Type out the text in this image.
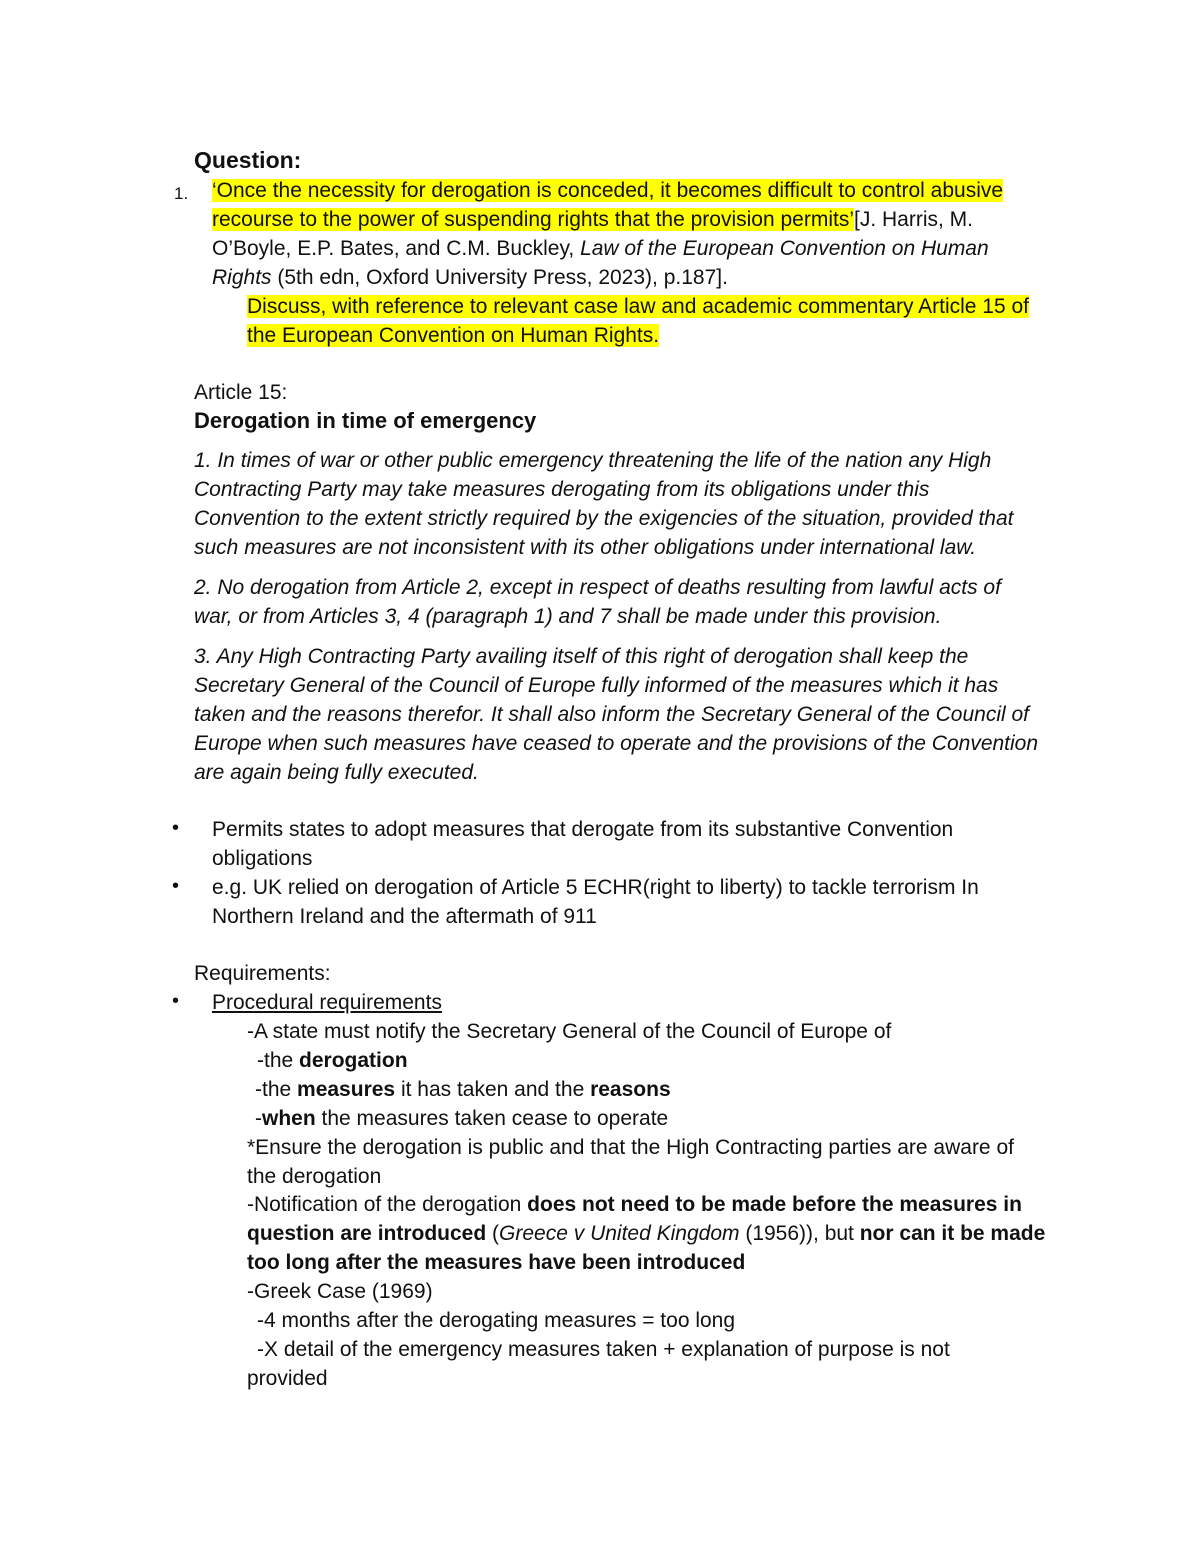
Question:
1. ‘Once the necessity for derogation is conceded, it becomes difficult to control abusive
recourse to the power of suspending rights that the provision permits’[J. Harris, M.
O’Boyle, E.P. Bates, and C.M. Buckley, Law of the European Convention on Human
Rights (5th edn, Oxford University Press, 2023), p.187].
Discuss, with reference to relevant case law and academic commentary Article 15 of
the European Convention on Human Rights.
Article 15:
Derogation in time of emergency
1. In times of war or other public emergency threatening the life of the nation any High
Contracting Party may take measures derogating from its obligations under this
Convention to the extent strictly required by the exigencies of the situation, provided that
such measures are not inconsistent with its other obligations under international law.
2. No derogation from Article 2, except in respect of deaths resulting from lawful acts of
war, or from Articles 3, 4 (paragraph 1) and 7 shall be made under this provision.
3. Any High Contracting Party availing itself of this right of derogation shall keep the
Secretary General of the Council of Europe fully informed of the measures which it has
taken and the reasons therefor. It shall also inform the Secretary General of the Council of
Europe when such measures have ceased to operate and the provisions of the Convention
are again being fully executed.
• Permits states to adopt measures that derogate from its substantive Convention
obligations
• e.g. UK relied on derogation of Article 5 ECHR(right to liberty) to tackle terrorism In
Northern Ireland and the aftermath of 911
Requirements:
• Procedural requirements
-A state must notify the Secretary General of the Council of Europe of
-the derogation
-the measures it has taken and the reasons
-when the measures taken cease to operate
*Ensure the derogation is public and that the High Contracting parties are aware of
the derogation
-Notification of the derogation does not need to be made before the measures in
question are introduced (Greece v United Kingdom (1956)), but nor can it be made
too long after the measures have been introduced
-Greek Case (1969)
-4 months after the derogating measures = too long
-X detail of the emergency measures taken + explanation of purpose is not
provided
